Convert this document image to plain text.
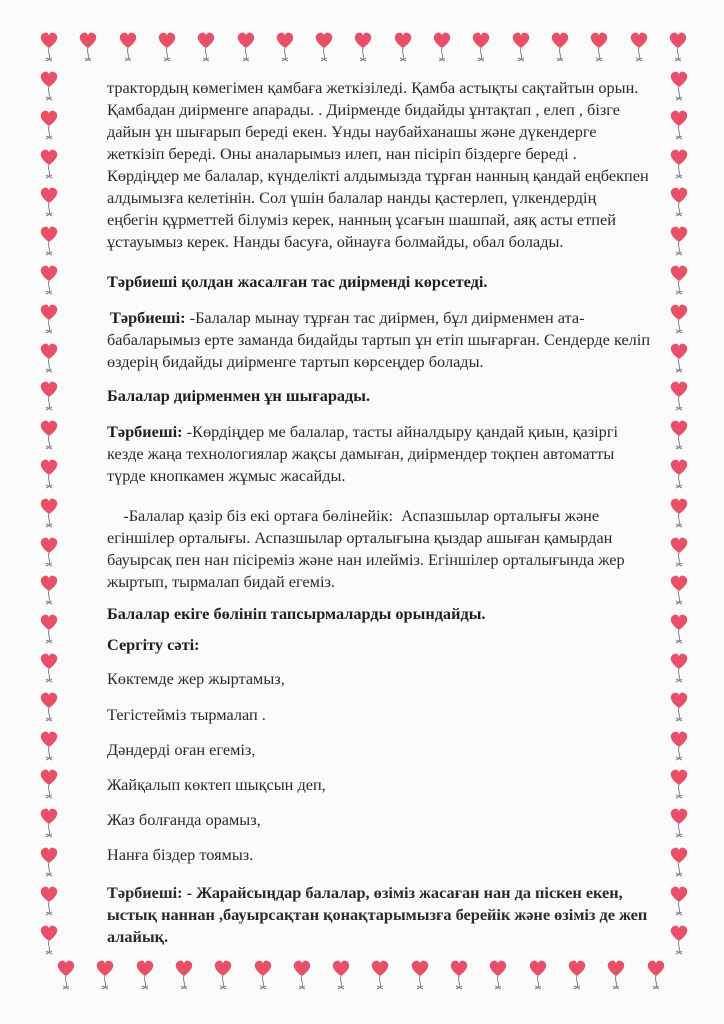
тракторды​ң көмегімен қамбаға жеткізіледі. Қамба астықты сақтайтын орын.
Қамбадан диірменге апарады. . Диірменде бидайды ұнтақтап , елеп , бізге
дайын ұн шығарып береді екен. Ұнды наубайханашы және дүкендерге
жеткізіп береді. Оны аналарымыз илеп, нан пісіріп біздерге береді .
Көрдіңдер ме балалар, күнделікті алдымызда тұрған нанның қандай еңбекпен
алдымызға келетінін. Сол үшін балалар нанды қастерлеп, үлкендердің
еңбегін құрметтей білуміз керек, нанның ұсағын шашпай, аяқ асты етпей
ұстауымыз керек. Нанды басуға, ойнауға болмайды, обал болады.
Тәрбиеші қолдан жасалған тас диірменді көрсетеді.
Тәрбиеші: -Балалар мынау тұрған тас диірмен, бұл диірменмен ата-
бабаларымыз ерте заманда бидайды тартып ұн етіп шығарған. Сендерде келіп
өздерің бидайды диірменге тартып көрсеңдер болады.
Балалар диірменмен ұн шығарады.
Тәрбиеші: -Көрдіңдер ме балалар, тасты айналдыру қандай қиын, қазіргі
кезде жаңа технологиялар жақсы дамыған, диірмендер тоқпен автоматты
түрде кнопкамен жұмыс жасайды.
-Балалар қазір біз екі ортаға бөлінейік:  Аспазшылар орталығы және
егіншілер орталығы. Аспазшылар орталығына қыздар ашыған қамырдан
бауырсақ пен нан пісіреміз және нан илейміз. Егіншілер орталығында жер
жыртып, тырмалап бидай егеміз.
Балалар екіге бөлініп тапсырмаларды орындайды.
Сергіту сәті:
Көктемде жер жыртамыз,
Тегістейміз тырмалап .
Дәндерді оған егеміз,
Жайқалып көктеп шықсын деп,
Жаз болғанда орамыз,
Нанға біздер тоямыз.
Тәрбиеші: - Жарайсыңдар балалар, өзіміз жасаған нан да піскен екен,
ыстық наннан ,бауырсақтан қонақтарымызға берейік және өзіміз де жеп
алайық.
